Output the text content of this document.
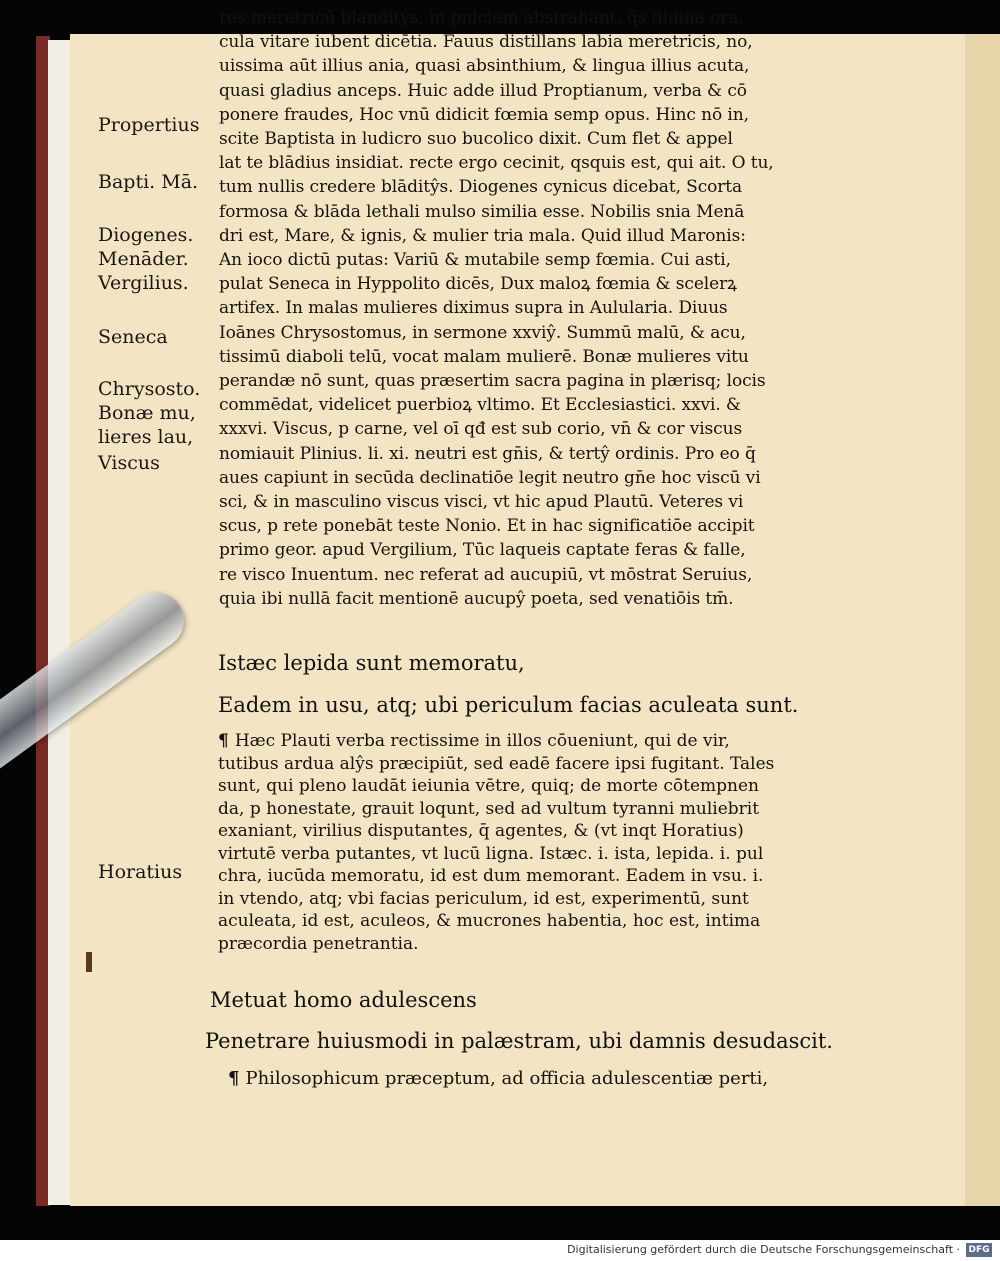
Propertius
Bapti. Mā.
Diogenes.
Menāder.
Vergilius.
Seneca
Chrysosto.
Bonæ mu,
lieres lau,
Viscus
Horatius
res,meretricū blanditŷs, in pniciem abstrahant, q̄s diuina ora,
cula vitare iubent dicētia. Fauus distillans labia meretricis, no,
uissima aūt illius ania, quasi absinthium, & lingua illius acuta,
quasi gladius anceps. Huic adde illud Proptianum, verba & cō
ponere fraudes, Hoc vnū didicit fœmia semp opus. Hinc nō in,
scite Baptista in ludicro suo bucolico dixit. Cum flet & appel
lat te blādius insidiat. recte ergo cecinit, qsquis est, qui ait. O tu,
tum nullis credere blāditŷs. Diogenes cynicus dicebat, Scorta
formosa & blāda lethali mulso similia esse. Nobilis snia Menā
dri est, Mare, & ignis, & mulier tria mala. Quid illud Maronis:
An ioco dictū putas: Variū & mutabile semp fœmia. Cui asti,
pulat Seneca in Hyppolito dicēs, Dux maloꝝ fœmia & scelerꝝ
artifex. In malas mulieres diximus supra in Aulularia. Diuus
Ioānes Chrysostomus, in sermone xxviŷ. Summū malū, & acu,
tissimū diaboli telū, vocat malam mulierē. Bonæ mulieres vitu
perandæ nō sunt, quas præsertim sacra pagina in plærisq; locis
commēdat, videlicet puerbioꝝ vltimo. Et Ecclesiastici. xxvi. &
xxxvi. Viscus, p carne, vel oī qđ est sub corio, vn̄ & cor viscus
nomiauit Plinius. li. xi. neutri est gn̄is, & tertŷ ordinis. Pro eo q̄
aues capiunt in secūda declinatiōe legit neutro gn̄e hoc viscū vi
sci, & in masculino viscus visci, vt hic apud Plautū. Veteres vi
scus, p rete ponebāt teste Nonio. Et in hac significatiōe accipit
primo geor. apud Vergilium, Tūc laqueis captate feras & falle,
re visco Inuentum. nec referat ad aucupiū, vt mōstrat Seruius,
quia ibi nullā facit mentionē aucupŷ poeta, sed venatiōis tm̄.
Istæc lepida sunt memoratu,
Eadem in usu, atq; ubi periculum facias aculeata sunt.
¶ Hæc Plauti verba rectissime in illos cōueniunt, qui de vir,
tutibus ardua alŷs præcipiūt, sed eadē facere ipsi fugitant. Tales
sunt, qui pleno laudāt ieiunia vētre, quiq; de morte cōtempnen
da, p honestate, grauit loqunt, sed ad vultum tyranni muliebrit
exaniant, virilius disputantes, q̄ agentes, & (vt inqt Horatius)
virtutē verba putantes, vt lucū ligna. Istæc. i. ista, lepida. i. pul
chra, iucūda memoratu, id est dum memorant. Eadem in vsu. i.
in vtendo, atq; vbi facias periculum, id est, experimentū, sunt
aculeata, id est, aculeos, & mucrones habentia, hoc est, intima
præcordia penetrantia.
Metuat homo adulescens
Penetrare huiusmodi in palæstram, ubi damnis desudascit.
¶ Philosophicum præceptum, ad officia adulescentiæ perti,
Digitalisierung gefördert durch die Deutsche Forschungsgemeinschaft · DFG
